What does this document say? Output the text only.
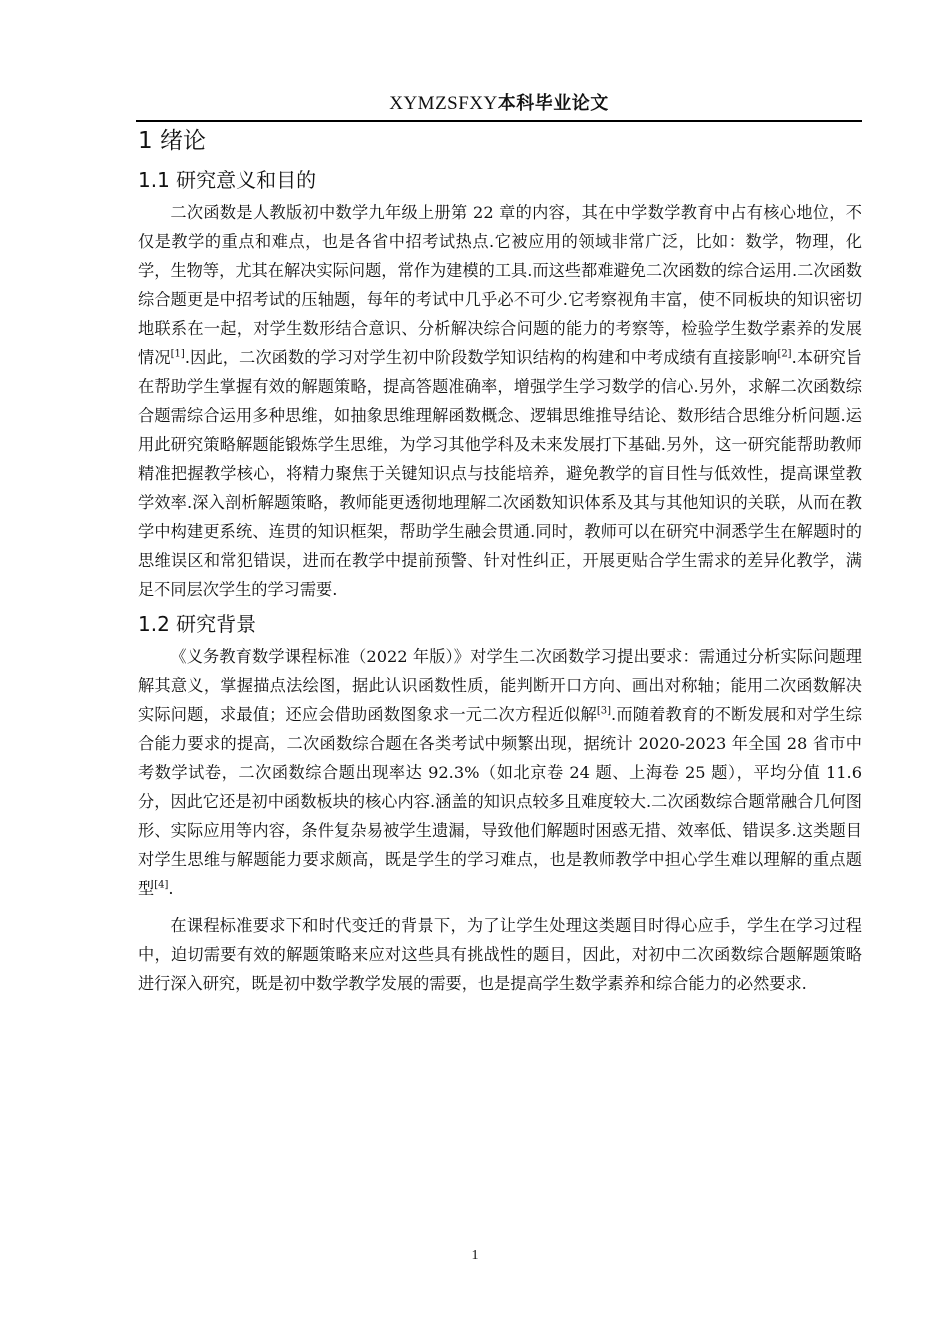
XYMZSFXY本科毕业论文
1 绪论
1.1 研究意义和目的

二次函数是人教版初中数学九年级上册第 22 章的内容，其在中学数学教育中占有核心地位，不仅是教学的重点和难点，也是各省中招考试热点.它被应用的领域非常广泛，比如：数学，物理，化学，生物等，尤其在解决实际问题，常作为建模的工具.而这些都难避免二次函数的综合运用.二次函数综合题更是中招考试的压轴题，每年的考试中几乎必不可少.它考察视角丰富，使不同板块的知识密切地联系在一起，对学生数形结合意识、分析解决综合问题的能力的考察等，检验学生数学素养的发展情况[1].因此，二次函数的学习对学生初中阶段数学知识结构的构建和中考成绩有直接影响[2].本研究旨在帮助学生掌握有效的解题策略，提高答题准确率，增强学生学习数学的信心.另外，求解二次函数综合题需综合运用多种思维，如抽象思维理解函数概念、逻辑思维推导结论、数形结合思维分析问题.运用此研究策略解题能锻炼学生思维，为学习其他学科及未来发展打下基础.另外，这一研究能帮助教师精准把握教学核心，将精力聚焦于关键知识点与技能培养，避免教学的盲目性与低效性，提高课堂教学效率.深入剖析解题策略，教师能更透彻地理解二次函数知识体系及其与其他知识的关联，从而在教学中构建更系统、连贯的知识框架，帮助学生融会贯通.同时，教师可以在研究中洞悉学生在解题时的思维误区和常犯错误，进而在教学中提前预警、针对性纠正，开展更贴合学生需求的差异化教学，满足不同层次学生的学习需要.

1.2 研究背景

《义务教育数学课程标准（2022 年版）》对学生二次函数学习提出要求：需通过分析实际问题理解其意义，掌握描点法绘图，据此认识函数性质，能判断开口方向、画出对称轴；能用二次函数解决实际问题，求最值；还应会借助函数图象求一元二次方程近似解[3].而随着教育的不断发展和对学生综合能力要求的提高，二次函数综合题在各类考试中频繁出现，据统计 2020-2023 年全国 28 省市中考数学试卷，二次函数综合题出现率达 92.3%（如北京卷 24 题、上海卷 25 题），平均分值 11.6 分，因此它还是初中函数板块的核心内容.涵盖的知识点较多且难度较大.二次函数综合题常融合几何图形、实际应用等内容，条件复杂易被学生遗漏，导致他们解题时困惑无措、效率低、错误多.这类题目对学生思维与解题能力要求颇高，既是学生的学习难点，也是教师教学中担心学生难以理解的重点题型[4].

在课程标准要求下和时代变迁的背景下，为了让学生处理这类题目时得心应手，学生在学习过程中，迫切需要有效的解题策略来应对这些具有挑战性的题目，因此，对初中二次函数综合题解题策略进行深入研究，既是初中数学教学发展的需要，也是提高学生数学素养和综合能力的必然要求.

1
